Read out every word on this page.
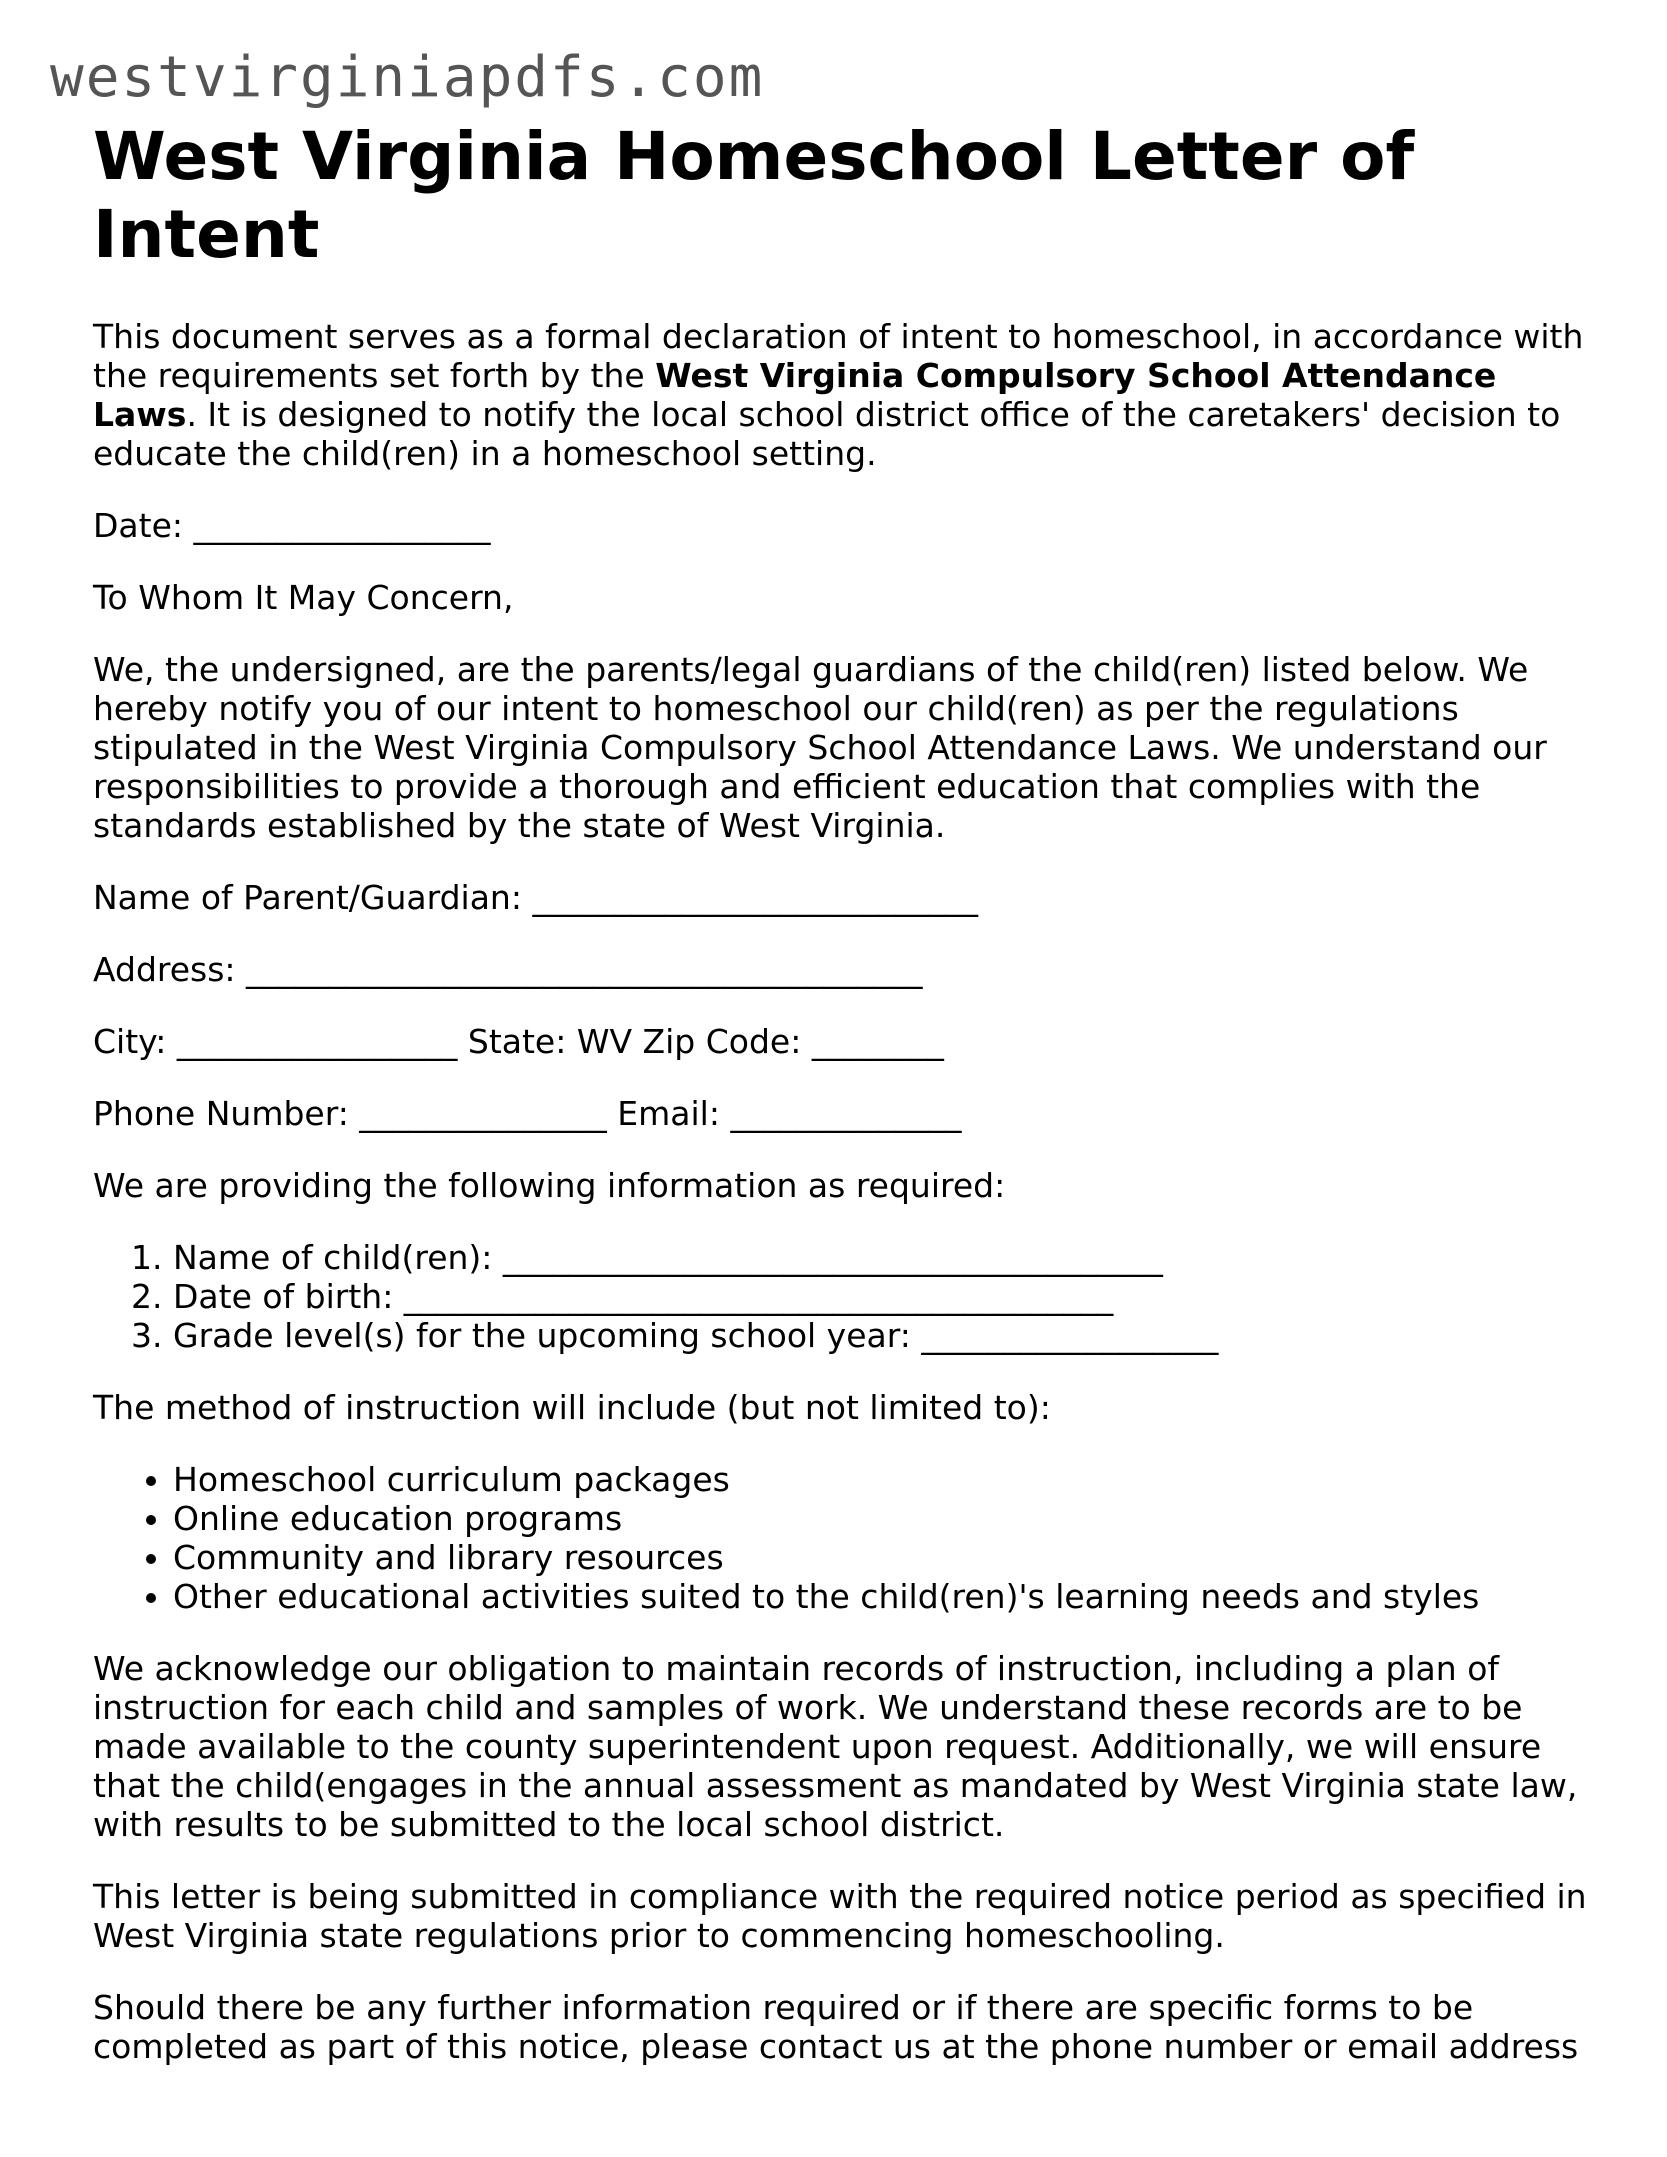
westvirginiapdfs.com
West Virginia Homeschool Letter of Intent

This document serves as a formal declaration of intent to homeschool, in accordance with the requirements set forth by the West Virginia Compulsory School Attendance Laws. It is designed to notify the local school district office of the caretakers' decision to educate the child(ren) in a homeschool setting.

Date: __________________

To Whom It May Concern,

We, the undersigned, are the parents/legal guardians of the child(ren) listed below. We hereby notify you of our intent to homeschool our child(ren) as per the regulations stipulated in the West Virginia Compulsory School Attendance Laws. We understand our responsibilities to provide a thorough and efficient education that complies with the standards established by the state of West Virginia.

Name of Parent/Guardian: ___________________________

Address: _________________________________________

City: _________________ State: WV Zip Code: ________

Phone Number: _______________ Email: ______________

We are providing the following information as required:

1. Name of child(ren): ________________________________________
2. Date of birth: ___________________________________________
3. Grade level(s) for the upcoming school year: __________________

The method of instruction will include (but not limited to):

• Homeschool curriculum packages
• Online education programs
• Community and library resources
• Other educational activities suited to the child(ren)'s learning needs and styles

We acknowledge our obligation to maintain records of instruction, including a plan of instruction for each child and samples of work. We understand these records are to be made available to the county superintendent upon request. Additionally, we will ensure that the child(engages in the annual assessment as mandated by West Virginia state law, with results to be submitted to the local school district.

This letter is being submitted in compliance with the required notice period as specified in West Virginia state regulations prior to commencing homeschooling.

Should there be any further information required or if there are specific forms to be completed as part of this notice, please contact us at the phone number or email address
